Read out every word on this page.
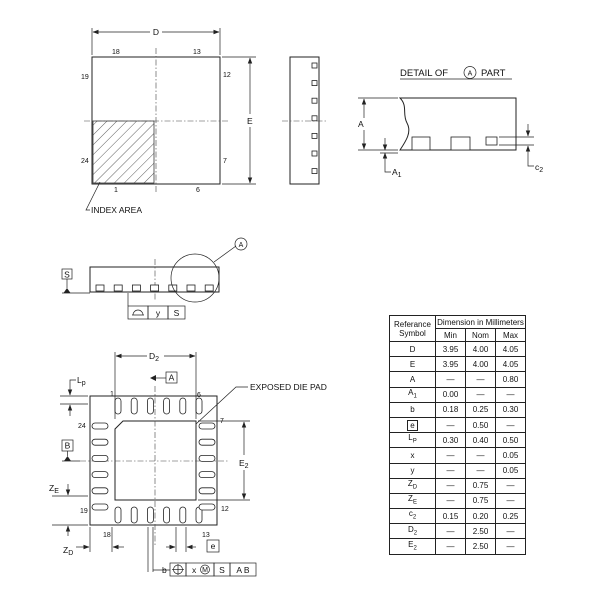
D
E
18	13
19
24
12
7
1	6
INDEX AREA
DETAIL OF	A PART
A
$A_1$
$c_2$
S
A
y S
$D_2$
A
$L_p$
B
$E_2$
EXPOSED DIE PAD
$Z_E$
$Z_D$
e
b	x M S A B
1	6
24
7
19	12
18	13
Referance
Symbol	Dimension in Millimeters		
	Min	Nom	Max
D	3.95	4.00	4.05
E	3.95	4.00	4.05
A	—	—	0.80
$A_1$	0.00	—	—
b	0.18	0.25	0.30
e	—	0.50	—
$L_P$	0.30	0.40	0.50
x	—	—	0.05
y	—	—	0.05
$Z_D$	—	0.75	—
$Z_E$	—	0.75	—
$c_2$	0.15	0.20	0.25
$D_2$	—	2.50	—
$E_2$	—	2.50	—
